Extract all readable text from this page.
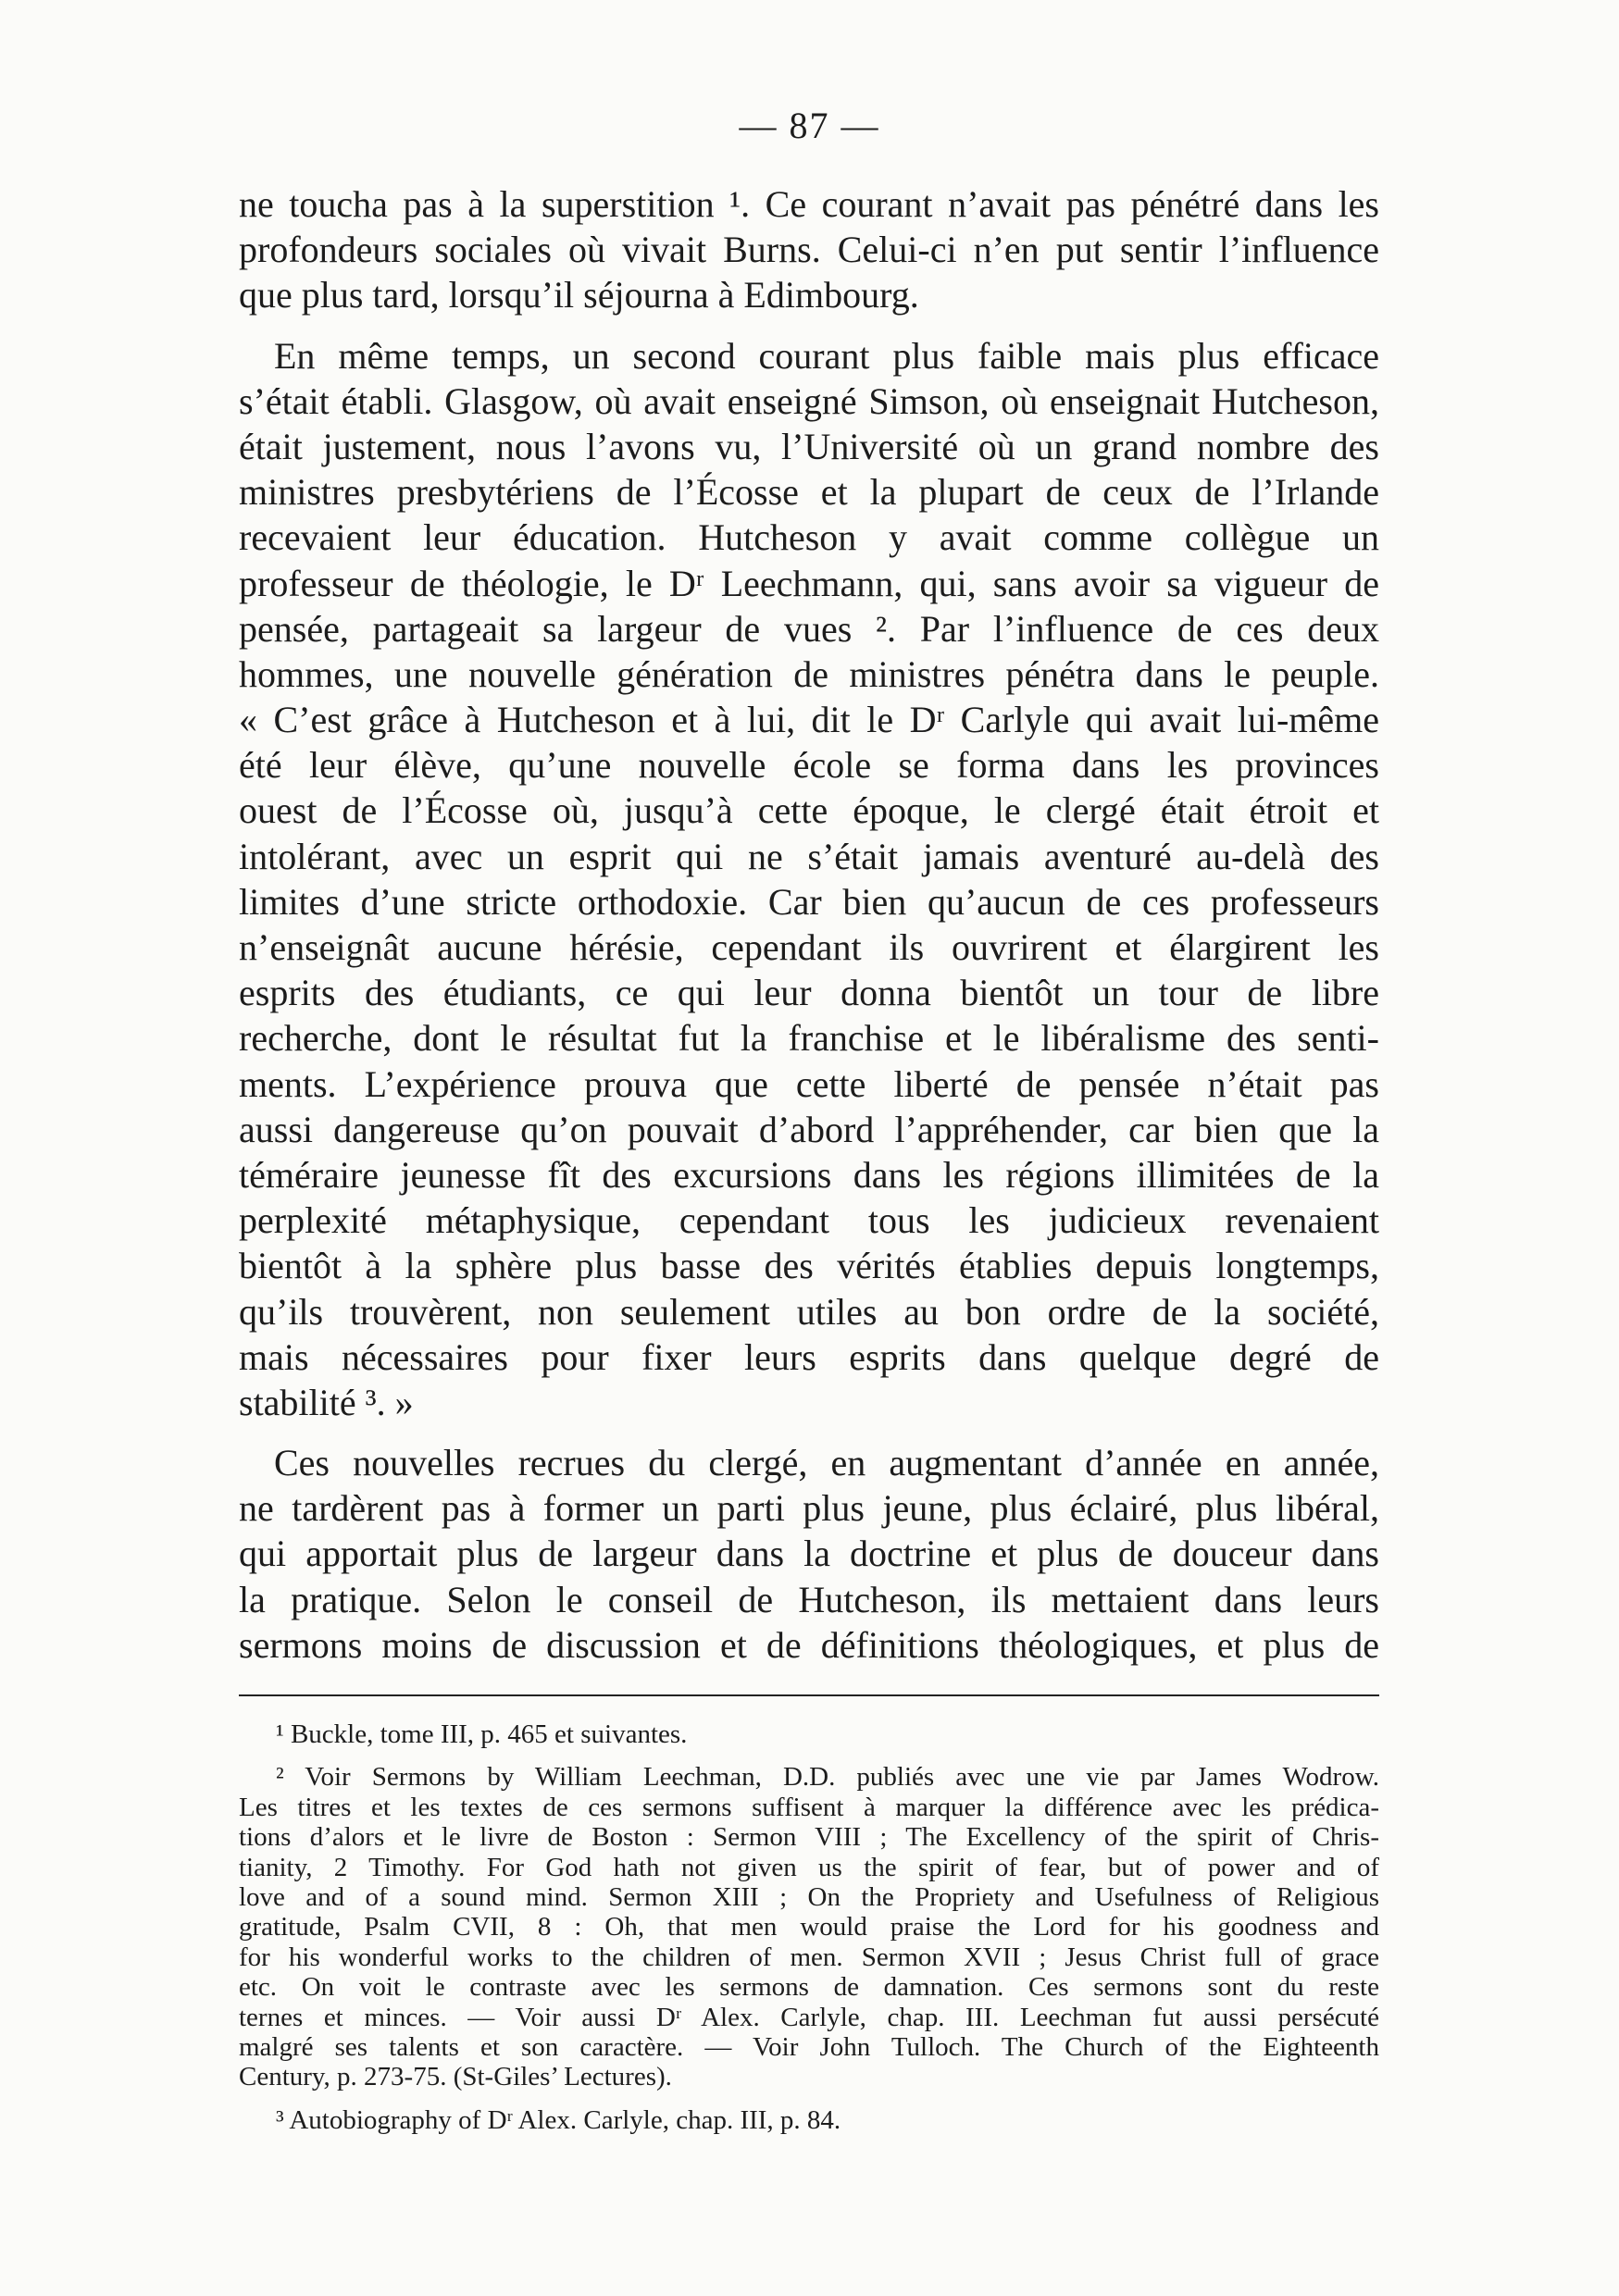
— 87 —
ne toucha pas à la superstition ¹. Ce courant n’avait pas pénétré dans les
profondeurs sociales où vivait Burns. Celui-ci n’en put sentir l’influence
que plus tard, lorsqu’il séjourna à Edimbourg.
En même temps, un second courant plus faible mais plus efficace
s’était établi. Glasgow, où avait enseigné Simson, où enseignait Hutcheson,
était justement, nous l’avons vu, l’Université où un grand nombre des
ministres presbytériens de l’Écosse et la plupart de ceux de l’Irlande
recevaient leur éducation. Hutcheson y avait comme collègue un
professeur de théologie, le Dʳ Leechmann, qui, sans avoir sa vigueur de
pensée, partageait sa largeur de vues ². Par l’influence de ces deux
hommes, une nouvelle génération de ministres pénétra dans le peuple.
« C’est grâce à Hutcheson et à lui, dit le Dʳ Carlyle qui avait lui-même
été leur élève, qu’une nouvelle école se forma dans les provinces
ouest de l’Écosse où, jusqu’à cette époque, le clergé était étroit et
intolérant, avec un esprit qui ne s’était jamais aventuré au-delà des
limites d’une stricte orthodoxie. Car bien qu’aucun de ces professeurs
n’enseignât aucune hérésie, cependant ils ouvrirent et élargirent les
esprits des étudiants, ce qui leur donna bientôt un tour de libre
recherche, dont le résultat fut la franchise et le libéralisme des senti-
ments. L’expérience prouva que cette liberté de pensée n’était pas
aussi dangereuse qu’on pouvait d’abord l’appréhender, car bien que la
téméraire jeunesse fît des excursions dans les régions illimitées de la
perplexité métaphysique, cependant tous les judicieux revenaient
bientôt à la sphère plus basse des vérités établies depuis longtemps,
qu’ils trouvèrent, non seulement utiles au bon ordre de la société,
mais nécessaires pour fixer leurs esprits dans quelque degré de
stabilité ³. »
Ces nouvelles recrues du clergé, en augmentant d’année en année,
ne tardèrent pas à former un parti plus jeune, plus éclairé, plus libéral,
qui apportait plus de largeur dans la doctrine et plus de douceur dans
la pratique. Selon le conseil de Hutcheson, ils mettaient dans leurs
sermons moins de discussion et de définitions théologiques, et plus de
¹ Buckle, tome III, p. 465 et suivantes.
² Voir Sermons by William Leechman, D.D. publiés avec une vie par James Wodrow.
Les titres et les textes de ces sermons suffisent à marquer la différence avec les prédica-
tions d’alors et le livre de Boston : Sermon VIII ; The Excellency of the spirit of Chris-
tianity, 2 Timothy. For God hath not given us the spirit of fear, but of power and of
love and of a sound mind. Sermon XIII ; On the Propriety and Usefulness of Religious
gratitude, Psalm CVII, 8 : Oh, that men would praise the Lord for his goodness and
for his wonderful works to the children of men. Sermon XVII ; Jesus Christ full of grace
etc. On voit le contraste avec les sermons de damnation. Ces sermons sont du reste
ternes et minces. — Voir aussi Dʳ Alex. Carlyle, chap. III. Leechman fut aussi persécuté
malgré ses talents et son caractère. — Voir John Tulloch. The Church of the Eighteenth
Century, p. 273-75. (St-Giles’ Lectures).
³ Autobiography of Dʳ Alex. Carlyle, chap. III, p. 84.
